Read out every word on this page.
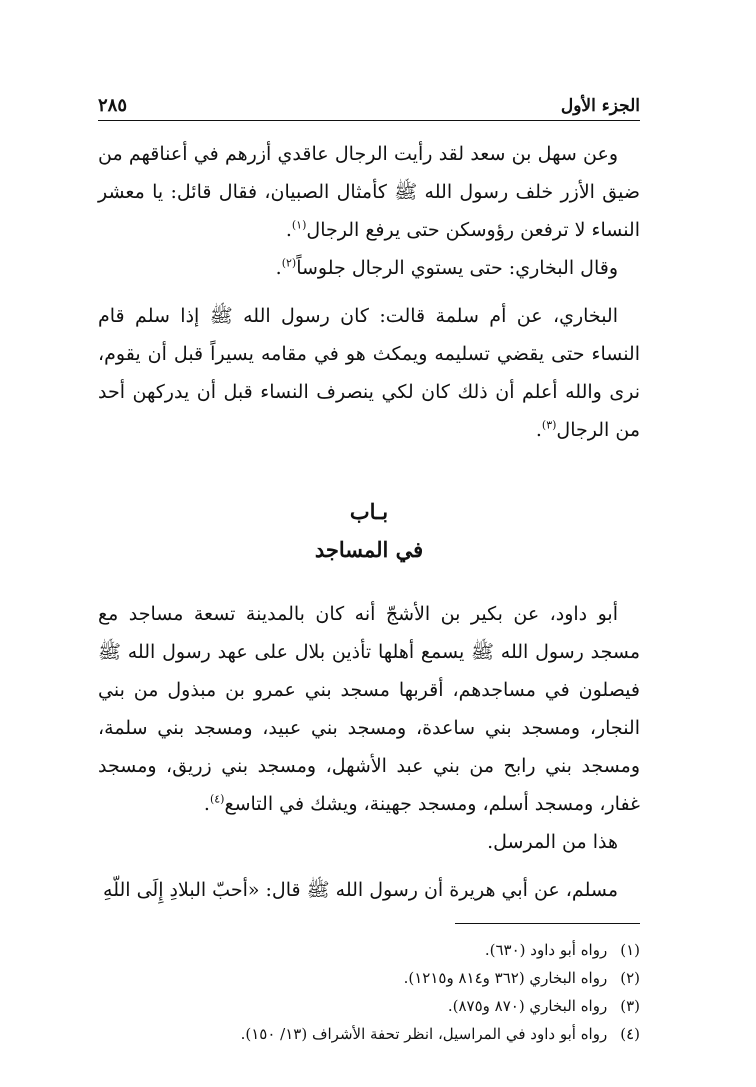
الجزء الأول
٢٨٥

وعن سهل بن سعد لقد رأيت الرجال عاقدي أزرهم في أعناقهم من ضيق الأزر خلف رسول الله ﷺ كأمثال الصبيان، فقال قائل: يا معشر النساء لا ترفعن رؤوسكن حتى يرفع الرجال$^{(١)}$.

وقال البخاري: حتى يستوي الرجال جلوساً$^{(٢)}$.

البخاري، عن أم سلمة قالت: كان رسول الله ﷺ إذا سلم قام النساء حتى يقضي تسليمه ويمكث هو في مقامه يسيراً قبل أن يقوم، نرى والله أعلم أن ذلك كان لكي ينصرف النساء قبل أن يدركهن أحد من الرجال$^{(٣)}$.

بـاب
في المساجد

أبو داود، عن بكير بن الأشجّ أنه كان بالمدينة تسعة مساجد مع مسجد رسول الله ﷺ يسمع أهلها تأذين بلال على عهد رسول الله ﷺ فيصلون في مساجدهم، أقربها مسجد بني عمرو بن مبذول من بني النجار، ومسجد بني ساعدة، ومسجد بني عبيد، ومسجد بني سلمة، ومسجد بني رابح من بني عبد الأشهل، ومسجد بني زريق، ومسجد غفار، ومسجد أسلم، ومسجد جهينة، ويشك في التاسع$^{(٤)}$.

هذا من المرسل.

مسلم، عن أبي هريرة أن رسول الله ﷺ قال: «أحبّ البلادِ إِلَى اللّهِ

(١) رواه أبو داود (٦٣٠).

(٢) رواه البخاري (٣٦٢ و٨١٤ و١٢١٥).

(٣) رواه البخاري (٨٧٠ و٨٧٥).

(٤) رواه أبو داود في المراسيل، انظر تحفة الأشراف (١٣/ ١٥٠).
